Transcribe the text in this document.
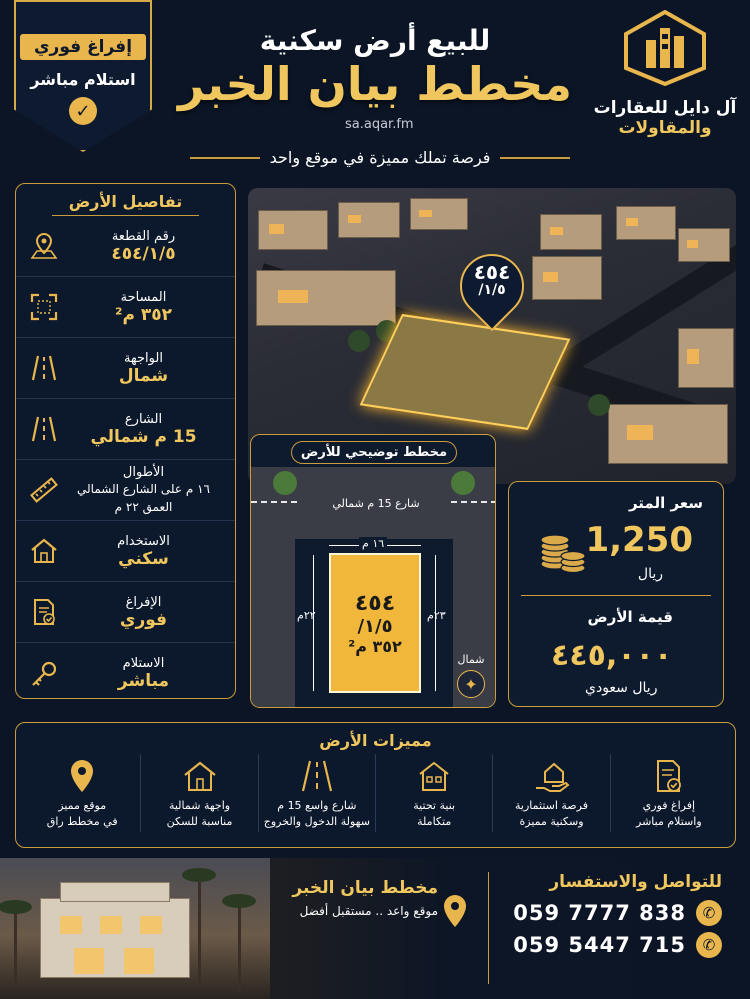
إفراغ فوري
استلام مباشر
✓
للبيع أرض سكنية
مخطط بيان الخبر
sa.aqar.fm
فرصة تملك مميزة في موقع واحد
آل دايل للعقارات
والمقاولات
تفاصيل الأرض
رقم القطعة
٤٥٤/١/٥
المساحة
٣٥٢ م²
الواجهة
شمال
الشارع
15 م شمالي
الأطوال
١٦ م على الشارع الشمالي
العمق ٢٢ م
الاستخدام
سكني
الإفراغ
فوري
الاستلام
مباشر
٤٥٤
/١/٥
مخطط توضيحي للأرض
شارع 15 م شمالي
١٦ م
٢٢م	٢٣م
٤٥٤
/١/٥
٣٥٢ م²
شمال
✦
سعر المتر
1,250
ريال
قيمة الأرض
٤٤٥,٠٠٠
ريال سعودي
مميزات الأرض
إفراغ فوري
واستلام مباشر
فرصة استثمارية
وسكنية مميزة
بنية تحتية
متكاملة
شارع واسع 15 م
سهولة الدخول والخروج
واجهة شمالية
مناسبة للسكن
موقع مميز
في مخطط راق
مخطط بيان الخبر
موقع واعد .. مستقبل أفضل
للتواصل والاستفسار
059 7777 838	✆
059 5447 715	✆
